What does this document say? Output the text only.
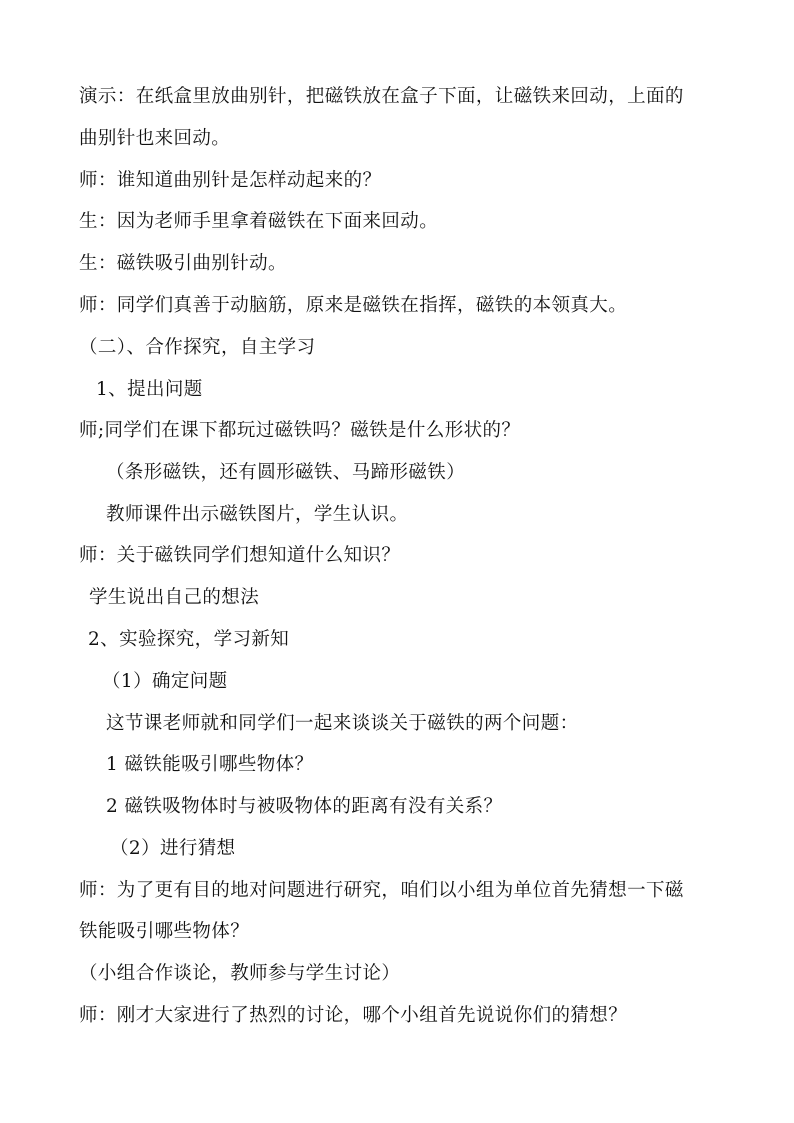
演示：在纸盒里放曲别针，把磁铁放在盒子下面，让磁铁来回动，上面的
曲别针也来回动。
师：谁知道曲别针是怎样动起来的？
生：因为老师手里拿着磁铁在下面来回动。
生：磁铁吸引曲别针动。
师：同学们真善于动脑筋，原来是磁铁在指挥，磁铁的本领真大。
（二）、合作探究，自主学习
1、提出问题
师;同学们在课下都玩过磁铁吗？磁铁是什么形状的？
（条形磁铁，还有圆形磁铁、马蹄形磁铁）
教师课件出示磁铁图片，学生认识。
师：关于磁铁同学们想知道什么知识？
学生说出自己的想法
2、实验探究，学习新知
（1）确定问题
这节课老师就和同学们一起来谈谈关于磁铁的两个问题：
1 磁铁能吸引哪些物体？
2 磁铁吸物体时与被吸物体的距离有没有关系？
（2）进行猜想
师：为了更有目的地对问题进行研究，咱们以小组为单位首先猜想一下磁
铁能吸引哪些物体？
（小组合作谈论，教师参与学生讨论）
师：刚才大家进行了热烈的讨论，哪个小组首先说说你们的猜想？
